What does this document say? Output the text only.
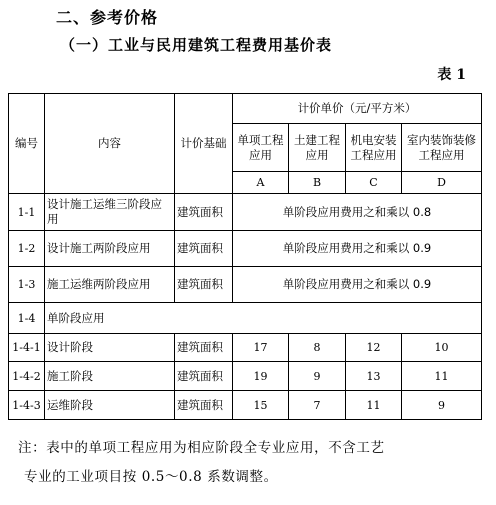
二、参考价格
（一）工业与民用建筑工程费用基价表
表 1
编号	内容	计价基础	计价单价（元/平方米）			
			单项工程应用	土建工程应用	机电安装工程应用	室内装饰装修工程应用
			A	B	C	D
1-1	设计施工运维三阶段应用	建筑面积	单阶段应用费用之和乘以 0.8			
1-2	设计施工两阶段应用	建筑面积	单阶段应用费用之和乘以 0.9			
1-3	施工运维两阶段应用	建筑面积	单阶段应用费用之和乘以 0.9			
1-4	单阶段应用					
1-4-1	设计阶段	建筑面积	17	8	12	10
1-4-2	施工阶段	建筑面积	19	9	13	11
1-4-3	运维阶段	建筑面积	15	7	11	9

注：表中的单项工程应用为相应阶段全专业应用，不含工艺

专业的工业项目按 0.5～0.8 系数调整。
